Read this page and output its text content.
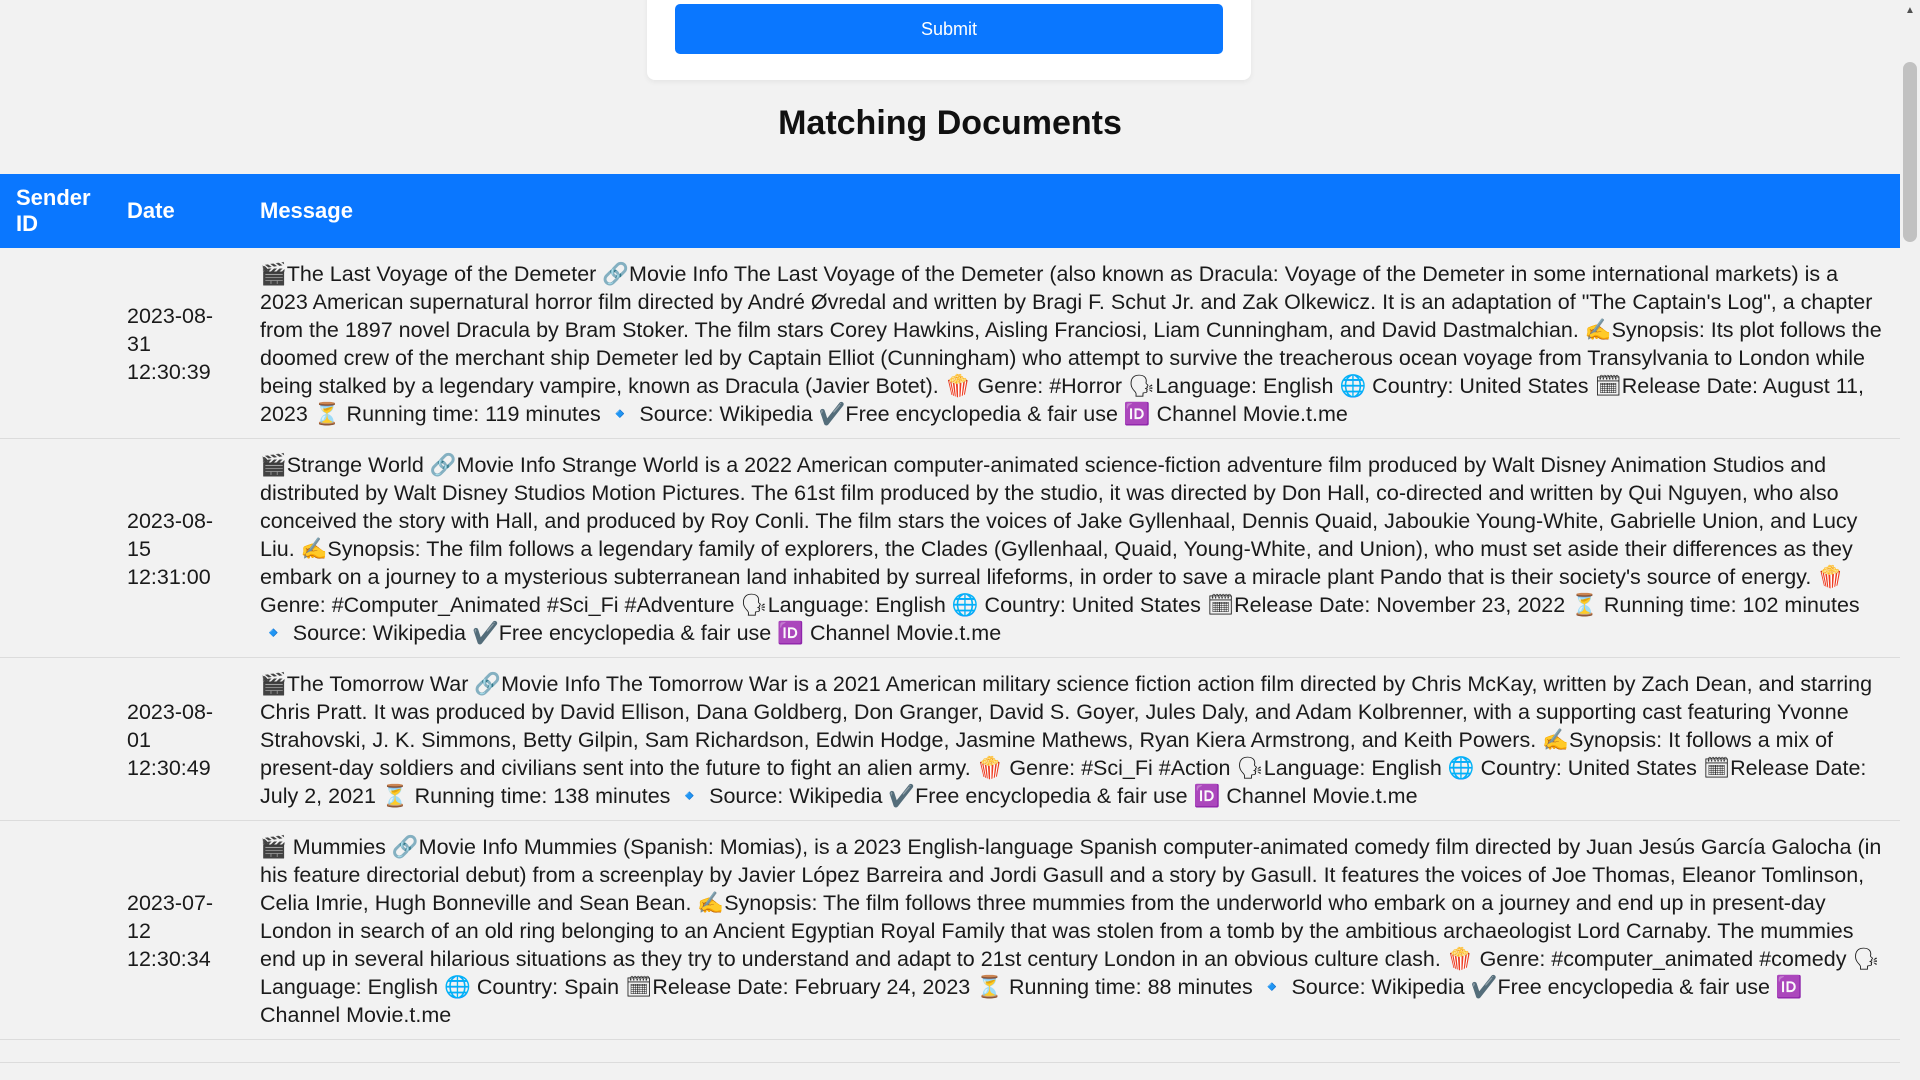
Submit
Matching Documents
Sender ID	Date	Message
	2023-08-31 12:30:39	🎬The Last Voyage of the Demeter 🔗Movie Info The Last Voyage of the Demeter (also known as Dracula: Voyage of the Demeter in some international markets) is a 2023 American supernatural horror film directed by André Øvredal and written by Bragi F. Schut Jr. and Zak Olkewicz. It is an adaptation of "The Captain's Log", a chapter from the 1897 novel Dracula by Bram Stoker. The film stars Corey Hawkins, Aisling Franciosi, Liam Cunningham, and David Dastmalchian. ✍️Synopsis: Its plot follows the doomed crew of the merchant ship Demeter led by Captain Elliot (Cunningham) who attempt to survive the treacherous ocean voyage from Transylvania to London while being stalked by a legendary vampire, known as Dracula (Javier Botet). 🍿 Genre: #Horror 🗣Language: English 🌐 Country: United States 🗓Release Date: August 11, 2023 ⏳ Running time: 119 minutes 🔹 Source: Wikipedia ✔️Free encyclopedia & fair use 🆔 Channel Movie.t.me
	2023-08-15 12:31:00	🎬Strange World 🔗Movie Info Strange World is a 2022 American computer-animated science-fiction adventure film produced by Walt Disney Animation Studios and distributed by Walt Disney Studios Motion Pictures. The 61st film produced by the studio, it was directed by Don Hall, co-directed and written by Qui Nguyen, who also conceived the story with Hall, and produced by Roy Conli. The film stars the voices of Jake Gyllenhaal, Dennis Quaid, Jaboukie Young-White, Gabrielle Union, and Lucy Liu. ✍️Synopsis: The film follows a legendary family of explorers, the Clades (Gyllenhaal, Quaid, Young-White, and Union), who must set aside their differences as they embark on a journey to a mysterious subterranean land inhabited by surreal lifeforms, in order to save a miracle plant Pando that is their society's source of energy. 🍿 Genre: #Computer_Animated #Sci_Fi #Adventure 🗣Language: English 🌐 Country: United States 🗓Release Date: November 23, 2022 ⏳ Running time: 102 minutes 🔹 Source: Wikipedia ✔️Free encyclopedia & fair use 🆔 Channel Movie.t.me
	2023-08-01 12:30:49	🎬The Tomorrow War 🔗Movie Info The Tomorrow War is a 2021 American military science fiction action film directed by Chris McKay, written by Zach Dean, and starring Chris Pratt. It was produced by David Ellison, Dana Goldberg, Don Granger, David S. Goyer, Jules Daly, and Adam Kolbrenner, with a supporting cast featuring Yvonne Strahovski, J. K. Simmons, Betty Gilpin, Sam Richardson, Edwin Hodge, Jasmine Mathews, Ryan Kiera Armstrong, and Keith Powers. ✍️Synopsis: It follows a mix of present-day soldiers and civilians sent into the future to fight an alien army. 🍿 Genre: #Sci_Fi #Action 🗣Language: English 🌐 Country: United States 🗓Release Date: July 2, 2021 ⏳ Running time: 138 minutes 🔹 Source: Wikipedia ✔️Free encyclopedia & fair use 🆔 Channel Movie.t.me
	2023-07-12 12:30:34	🎬 Mummies 🔗Movie Info Mummies (Spanish: Momias), is a 2023 English-language Spanish computer-animated comedy film directed by Juan Jesús García Galocha (in his feature directorial debut) from a screenplay by Javier López Barreira and Jordi Gasull and a story by Gasull. It features the voices of Joe Thomas, Eleanor Tomlinson, Celia Imrie, Hugh Bonneville and Sean Bean. ✍️Synopsis: The film follows three mummies from the underworld who embark on a journey and end up in present-day London in search of an old ring belonging to an Ancient Egyptian Royal Family that was stolen from a tomb by the ambitious archaeologist Lord Carnaby. The mummies end up in several hilarious situations as they try to understand and adapt to 21st century London in an obvious culture clash. 🍿 Genre: #computer_animated #comedy 🗣Language: English 🌐 Country: Spain 🗓Release Date: February 24, 2023 ⏳ Running time: 88 minutes 🔹 Source: Wikipedia ✔️Free encyclopedia & fair use 🆔 Channel Movie.t.me

▲
